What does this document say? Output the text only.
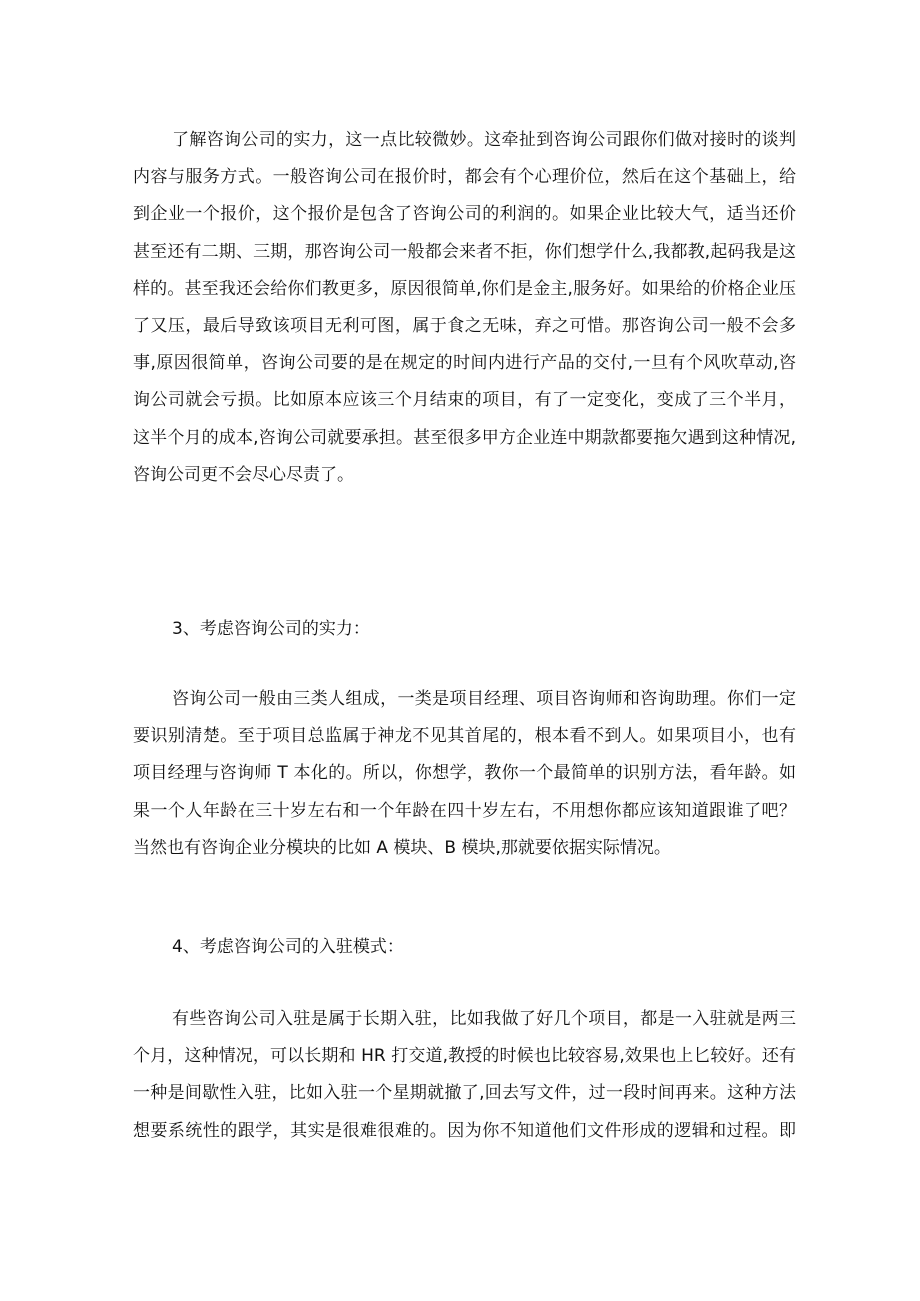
了解咨询公司的实力，这一点比较微妙。这牵扯到咨询公司跟你们做对接时的谈判
内容与服务方式。一般咨询公司在报价时，都会有个心理价位，然后在这个基础上，给
到企业一个报价，这个报价是包含了咨询公司的利润的。如果企业比较大气，适当还价
甚至还有二期、三期，那咨询公司一般都会来者不拒，你们想学什么,我都教,起码我是这
样的。甚至我还会给你们教更多，原因很简单,你们是金主,服务好。如果给的价格企业压
了又压，最后导致该项目无利可图，属于食之无味，弃之可惜。那咨询公司一般不会多
事,原因很简单，咨询公司要的是在规定的时间内进行产品的交付,一旦有个风吹草动,咨
询公司就会亏损。比如原本应该三个月结束的项目，有了一定变化，变成了三个半月，
这半个月的成本,咨询公司就要承担。甚至很多甲方企业连中期款都要拖欠遇到这种情况,
咨询公司更不会尽心尽责了。
3、考虑咨询公司的实力：
咨询公司一般由三类人组成，一类是项目经理、项目咨询师和咨询助理。你们一定
要识别清楚。至于项目总监属于神龙不见其首尾的，根本看不到人。如果项目小，也有
项目经理与咨询师 T 本化的。所以，你想学，教你一个最简单的识别方法，看年龄。如
果一个人年龄在三十岁左右和一个年龄在四十岁左右，不用想你都应该知道跟谁了吧？
当然也有咨询企业分模块的比如 A 模块、B 模块,那就要依据实际情况。
4、考虑咨询公司的入驻模式：
有些咨询公司入驻是属于长期入驻，比如我做了好几个项目，都是一入驻就是两三
个月，这种情况，可以长期和 HR 打交道,教授的时候也比较容易,效果也上匕较好。还有
一种是间歇性入驻，比如入驻一个星期就撤了,回去写文件，过一段时间再来。这种方法
想要系统性的跟学，其实是很难很难的。因为你不知道他们文件形成的逻辑和过程。即
